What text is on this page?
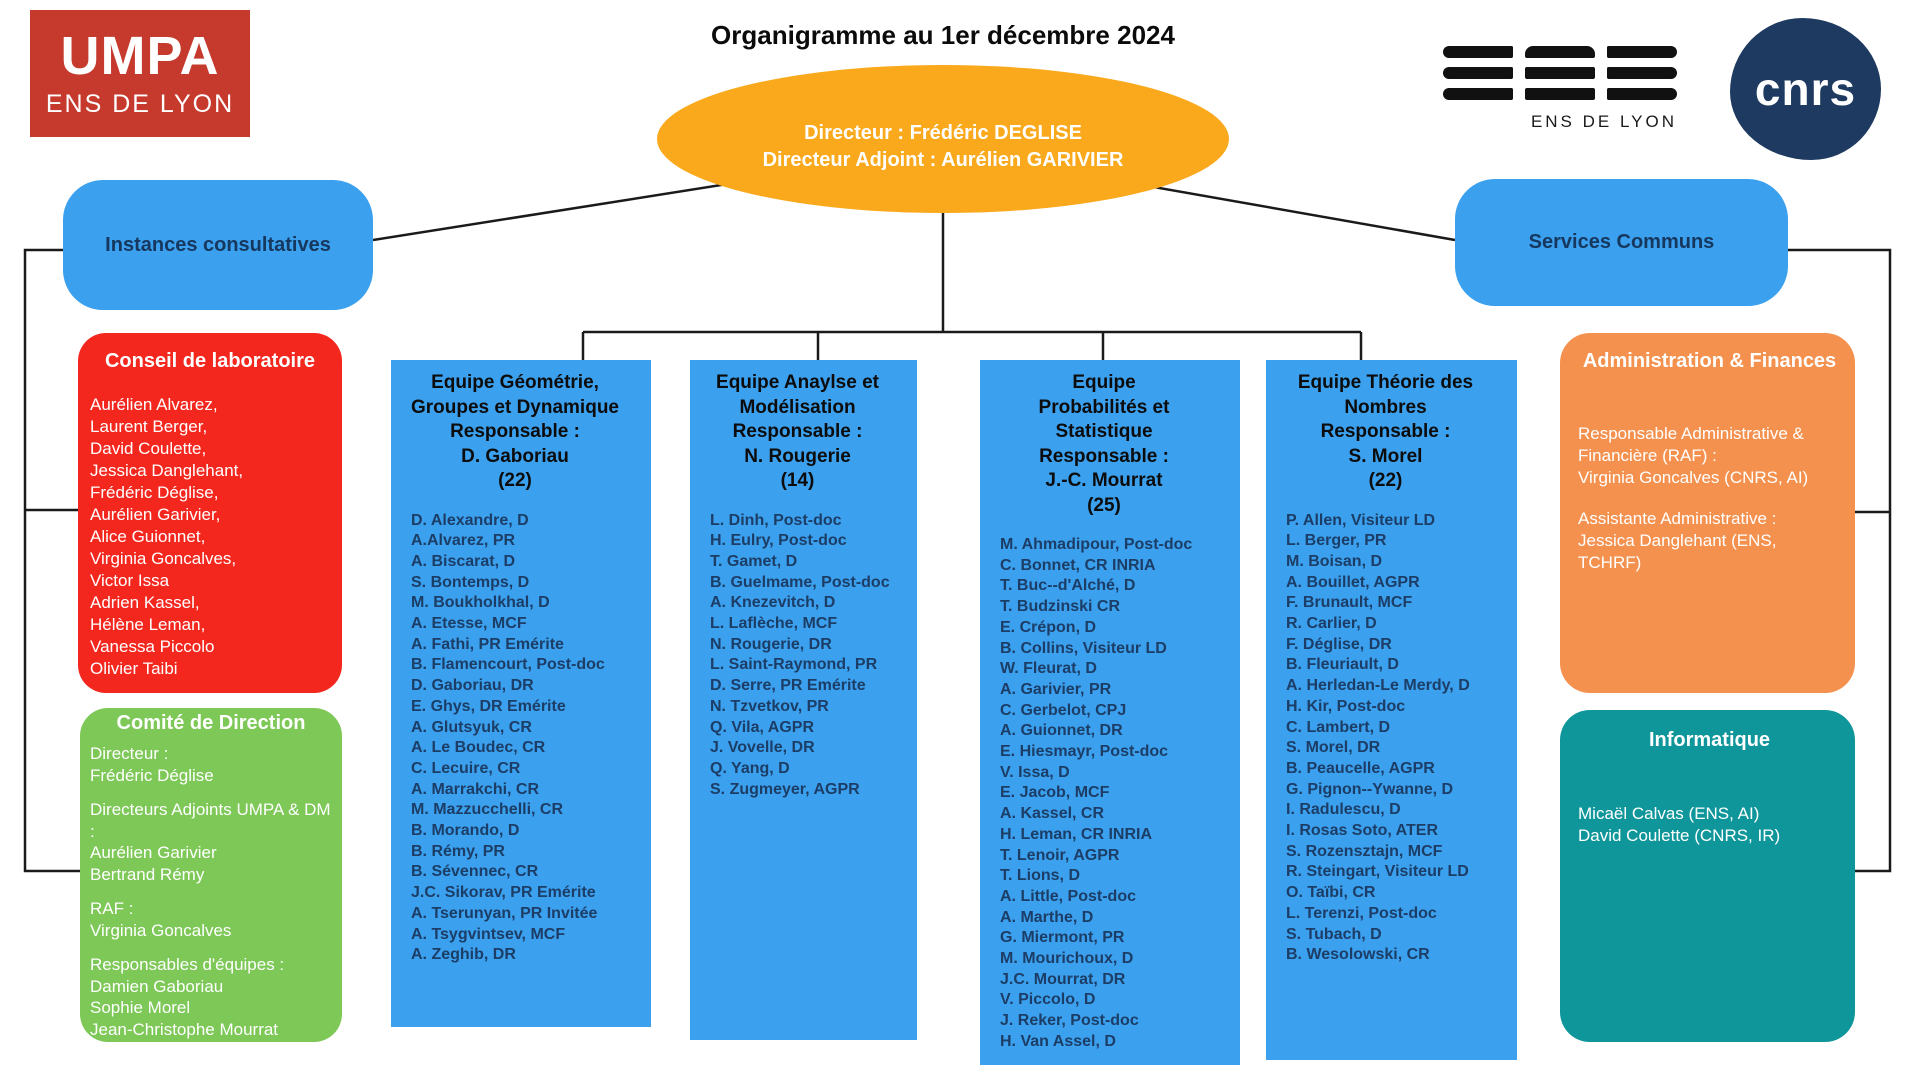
UMPA
ENS DE LYON
Organigramme au 1er décembre 2024
Directeur : Frédéric DEGLISE
Directeur Adjoint : Aurélien GARIVIER
ENS DE LYON
cnrs
Instances consultatives	Services Communs
Conseil de laboratoire
Aurélien Alvarez,
Laurent Berger,
David Coulette,
Jessica Danglehant,
Frédéric Déglise,
Aurélien Garivier,
Alice Guionnet,
Virginia Goncalves,
Victor Issa
Adrien Kassel,
Hélène Leman,
Vanessa Piccolo
Olivier Taibi
Comité de Direction
Directeur :
Frédéric Déglise
Directeurs Adjoints UMPA & DM :
Aurélien Garivier
Bertrand Rémy
RAF :
Virginia Goncalves
Responsables d'équipes :
Damien Gaboriau
Sophie Morel
Jean-Christophe Mourrat
Nicolas Rougerie
Equipe Géométrie,
Groupes et Dynamique
Responsable :
D. Gaboriau
(22)
D. Alexandre, D
A.Alvarez, PR
A. Biscarat, D
S. Bontemps, D
M. Boukholkhal, D
A. Etesse, MCF
A. Fathi, PR Emérite
B. Flamencourt, Post-doc
D. Gaboriau, DR
E. Ghys, DR Emérite
A. Glutsyuk, CR
A. Le Boudec, CR
C. Lecuire, CR
A. Marrakchi, CR
M. Mazzucchelli, CR
B. Morando, D
B. Rémy, PR
B. Sévennec, CR
J.C. Sikorav, PR Emérite
A. Tserunyan, PR Invitée
A. Tsygvintsev, MCF
A. Zeghib, DR
Equipe Anaylse et
Modélisation
Responsable :
N. Rougerie
(14)
L. Dinh, Post-doc
H. Eulry, Post-doc
T. Gamet, D
B. Guelmame, Post-doc
A. Knezevitch, D
L. Laflèche, MCF
N. Rougerie, DR
L. Saint-Raymond, PR
D. Serre, PR Emérite
N. Tzvetkov, PR
Q. Vila, AGPR
J. Vovelle, DR
Q. Yang, D
S. Zugmeyer, AGPR
Equipe
Probabilités et Statistique
Responsable :
J.-C. Mourrat
(25)
M. Ahmadipour, Post-doc
C. Bonnet, CR INRIA
T. Buc--d'Alché, D
T. Budzinski CR
E. Crépon, D
B. Collins, Visiteur LD
W. Fleurat, D
A. Garivier, PR
C. Gerbelot, CPJ
A. Guionnet, DR
E. Hiesmayr, Post-doc
V. Issa, D
E. Jacob, MCF
A. Kassel, CR
H. Leman, CR INRIA
T. Lenoir, AGPR
T. Lions, D
A. Little, Post-doc
A. Marthe, D
G. Miermont, PR
M. Mourichoux, D
J.C. Mourrat, DR
V. Piccolo, D
J. Reker, Post-doc
H. Van Assel, D
Equipe Théorie des
Nombres
Responsable :
S. Morel
(22)
P. Allen, Visiteur LD
L. Berger, PR
M. Boisan, D
A. Bouillet, AGPR
F. Brunault, MCF
R. Carlier, D
F. Déglise, DR
B. Fleuriault, D
A. Herledan-Le Merdy, D
H. Kir, Post-doc
C. Lambert, D
S. Morel, DR
B. Peaucelle, AGPR
G. Pignon--Ywanne, D
I. Radulescu, D
I. Rosas Soto, ATER
S. Rozensztajn, MCF
R. Steingart, Visiteur LD
O. Taïbi, CR
L. Terenzi, Post-doc
S. Tubach, D
B. Wesolowski, CR
Administration & Finances
Responsable Administrative &
Financière (RAF) :
Virginia Goncalves (CNRS, AI)
Assistante Administrative :
Jessica Danglehant (ENS, TCHRF)
Informatique
Micaël Calvas (ENS, AI)
David Coulette (CNRS, IR)
